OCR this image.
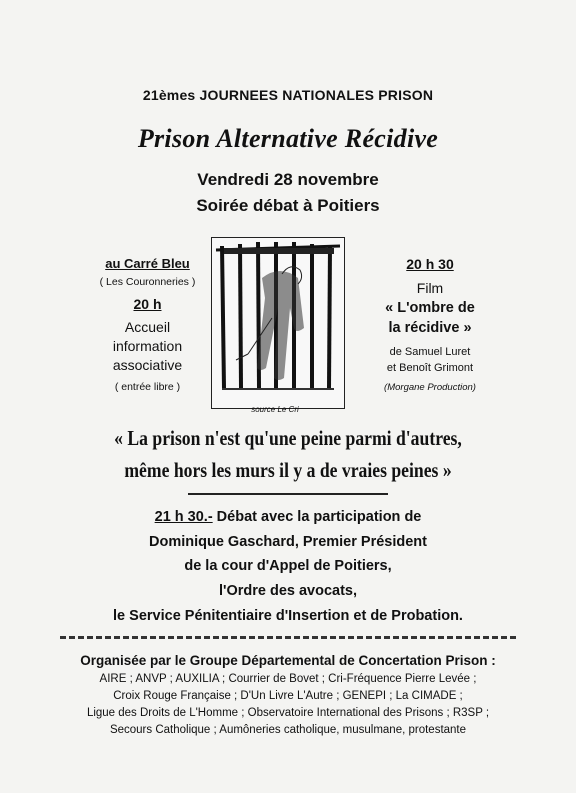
21èmes JOURNEES NATIONALES PRISON
Prison Alternative Récidive
Vendredi 28 novembre
Soirée débat à Poitiers
au Carré Bleu
( Les Couronneries )
20 h
Accueil
information
associative
( entrée libre )
source Le Cri
20 h 30
Film
« L'ombre de
la récidive »
de Samuel Luret
et Benoît Grimont
(Morgane Production)
« La prison n'est qu'une peine parmi d'autres,
même hors les murs il y a de vraies peines »
21 h 30.- Débat avec la participation de
Dominique Gaschard, Premier Président
de la cour d'Appel de Poitiers,
l'Ordre des avocats,
le Service Pénitentiaire d'Insertion et de Probation.
Organisée par le Groupe Départemental de Concertation Prison :
AIRE ; ANVP ; AUXILIA ; Courrier de Bovet ; Cri-Fréquence Pierre Levée ;
Croix Rouge Française ; D'Un Livre L'Autre ; GENEPI ; La CIMADE ;
Ligue des Droits de L'Homme ; Observatoire International des Prisons ; R3SP ;
Secours Catholique ; Aumôneries catholique, musulmane, protestante
